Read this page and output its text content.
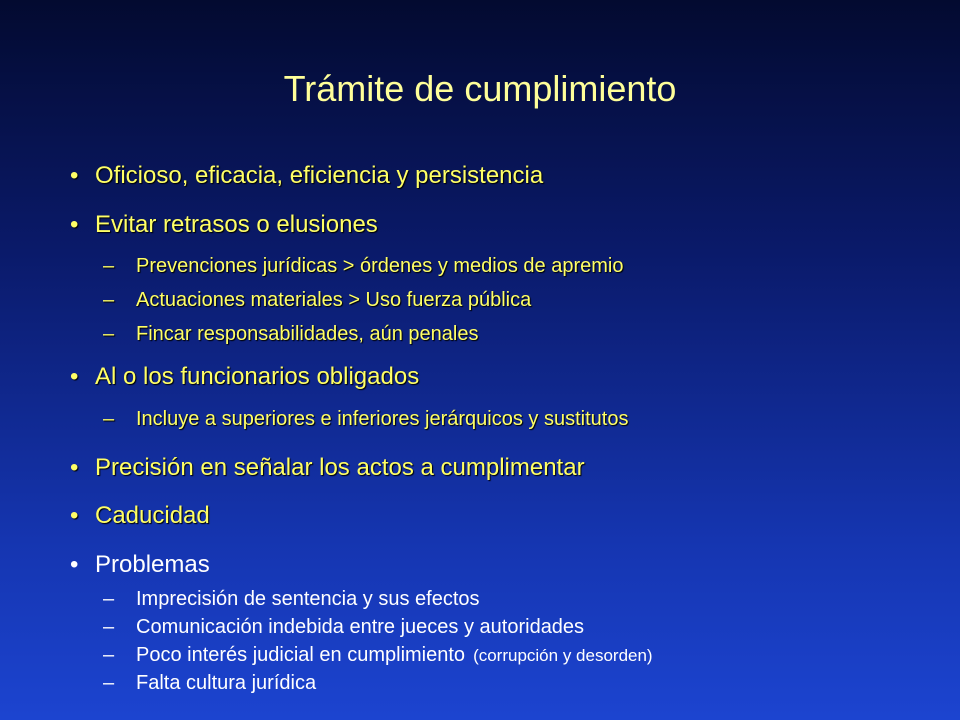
Trámite de cumplimiento
• Oficioso, eficacia, eficiencia y persistencia
• Evitar retrasos o elusiones
– Prevenciones jurídicas > órdenes y medios de apremio
– Actuaciones materiales > Uso fuerza pública
– Fincar responsabilidades, aún penales
• Al o los funcionarios obligados
– Incluye a superiores e inferiores jerárquicos y sustitutos
• Precisión en señalar los actos a cumplimentar
• Caducidad
• Problemas
– Imprecisión de sentencia y sus efectos
– Comunicación indebida entre jueces y autoridades
– Poco interés judicial en cumplimiento (corrupción y desorden)
– Falta cultura jurídica
